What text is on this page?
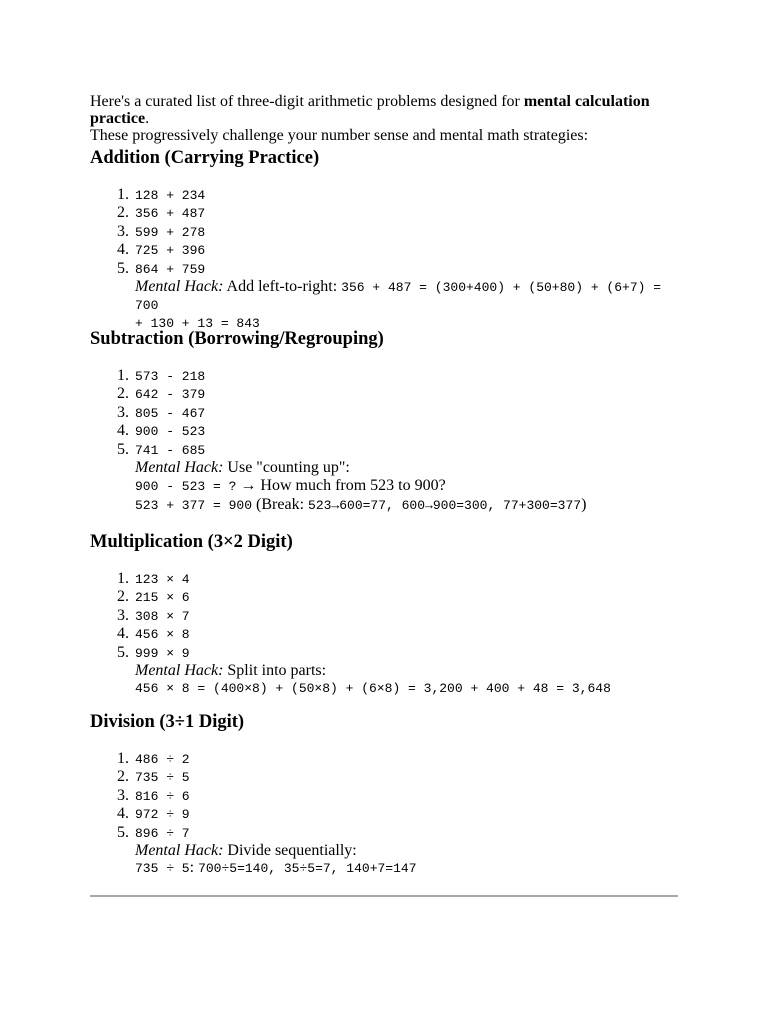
Here's a curated list of three-digit arithmetic problems designed for mental calculation practice.
These progressively challenge your number sense and mental math strategies:

Addition (Carrying Practice)
1 . 128 + 234
2 . 356 + 487
3 . 599 + 278
4 . 725 + 396
5 . 864 + 759
Mental Hack: Add left-to-right: 356 + 487 = (300+400) + (50+80) + (6+7) = 700
+ 130 + 13 = 843
Subtraction (Borrowing/Regrouping)
1 . 573 - 218
2 . 642 - 379
3 . 805 - 467
4 . 900 - 523
5 . 741 - 685
Mental Hack: Use "counting up":
900 - 523 = ? → How much from 523 to 900?
523 + 377 = 900 (Break: 523→600=77, 600→900=300, 77+300=377)
Multiplication (3×2 Digit)
1 . 123 × 4
2 . 215 × 6
3 . 308 × 7
4 . 456 × 8
5 . 999 × 9
Mental Hack: Split into parts:
456 × 8 = (400×8) + (50×8) + (6×8) = 3,200 + 400 + 48 = 3,648
Division (3÷1 Digit)
1 . 486 ÷ 2
2 . 735 ÷ 5
3 . 816 ÷ 6
4 . 972 ÷ 9
5 . 896 ÷ 7
Mental Hack: Divide sequentially:
735 ÷ 5: 700÷5=140, 35÷5=7, 140+7=147
